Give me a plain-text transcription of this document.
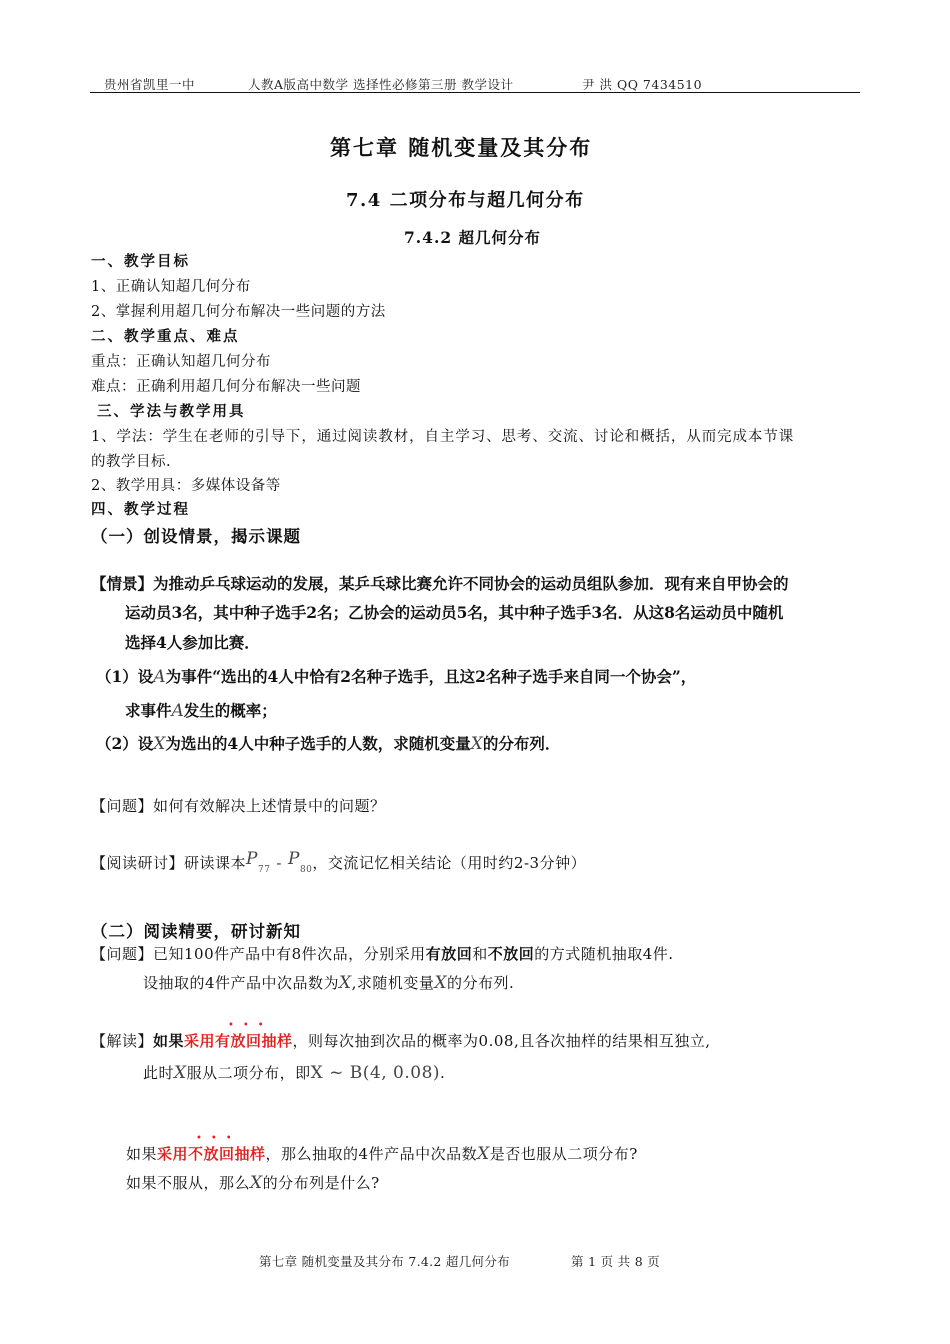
贵州省凯里一中	人教A版高中数学 选择性必修第三册 教学设计	尹 洪 QQ 7434510
第七章 随机变量及其分布
7.4 二项分布与超几何分布
7.4.2 超几何分布
一、教学目标
1、正确认知超几何分布
2、掌握利用超几何分布解决一些问题的方法
二、教学重点、难点
重点：正确认知超几何分布
难点：正确利用超几何分布解决一些问题
三、学法与教学用具
1、学法：学生在老师的引导下，通过阅读教材，自主学习、思考、交流、讨论和概括，从而完成本节课
的教学目标.
2、教学用具：多媒体设备等
四、教学过程
（一）创设情景，揭示课题
【情景】为推动乒乓球运动的发展，某乒乓球比赛允许不同协会的运动员组队参加．现有来自甲协会的
运动员3名，其中种子选手2名；乙协会的运动员5名，其中种子选手3名．从这8名运动员中随机
选择4人参加比赛．
（1）设A为事件“选出的4人中恰有2名种子选手，且这2名种子选手来自同一个协会”，
求事件A发生的概率；
（2）设X为选出的4人中种子选手的人数，求随机变量X的分布列．
【问题】如何有效解决上述情景中的问题？
【阅读研讨】研读课本$P_{77} - P_{80}$，交流记忆相关结论（用时约2-3分钟）
（二）阅读精要，研讨新知
【问题】已知100件产品中有8件次品，分别采用有放回和不放回的方式随机抽取4件.
设抽取的4件产品中次品数为X,求随机变量X的分布列.
•••
【解读】如果采用有放回抽样，则每次抽到次品的概率为0.08,且各次抽样的结果相互独立,
此时X服从二项分布，即X ~ B(4, 0.08).
•••
如果采用不放回抽样，那么抽取的4件产品中次品数X是否也服从二项分布?
如果不服从，那么X的分布列是什么?
第七章 随机变量及其分布 7.4.2 超几何分布	第 1 页 共 8 页
